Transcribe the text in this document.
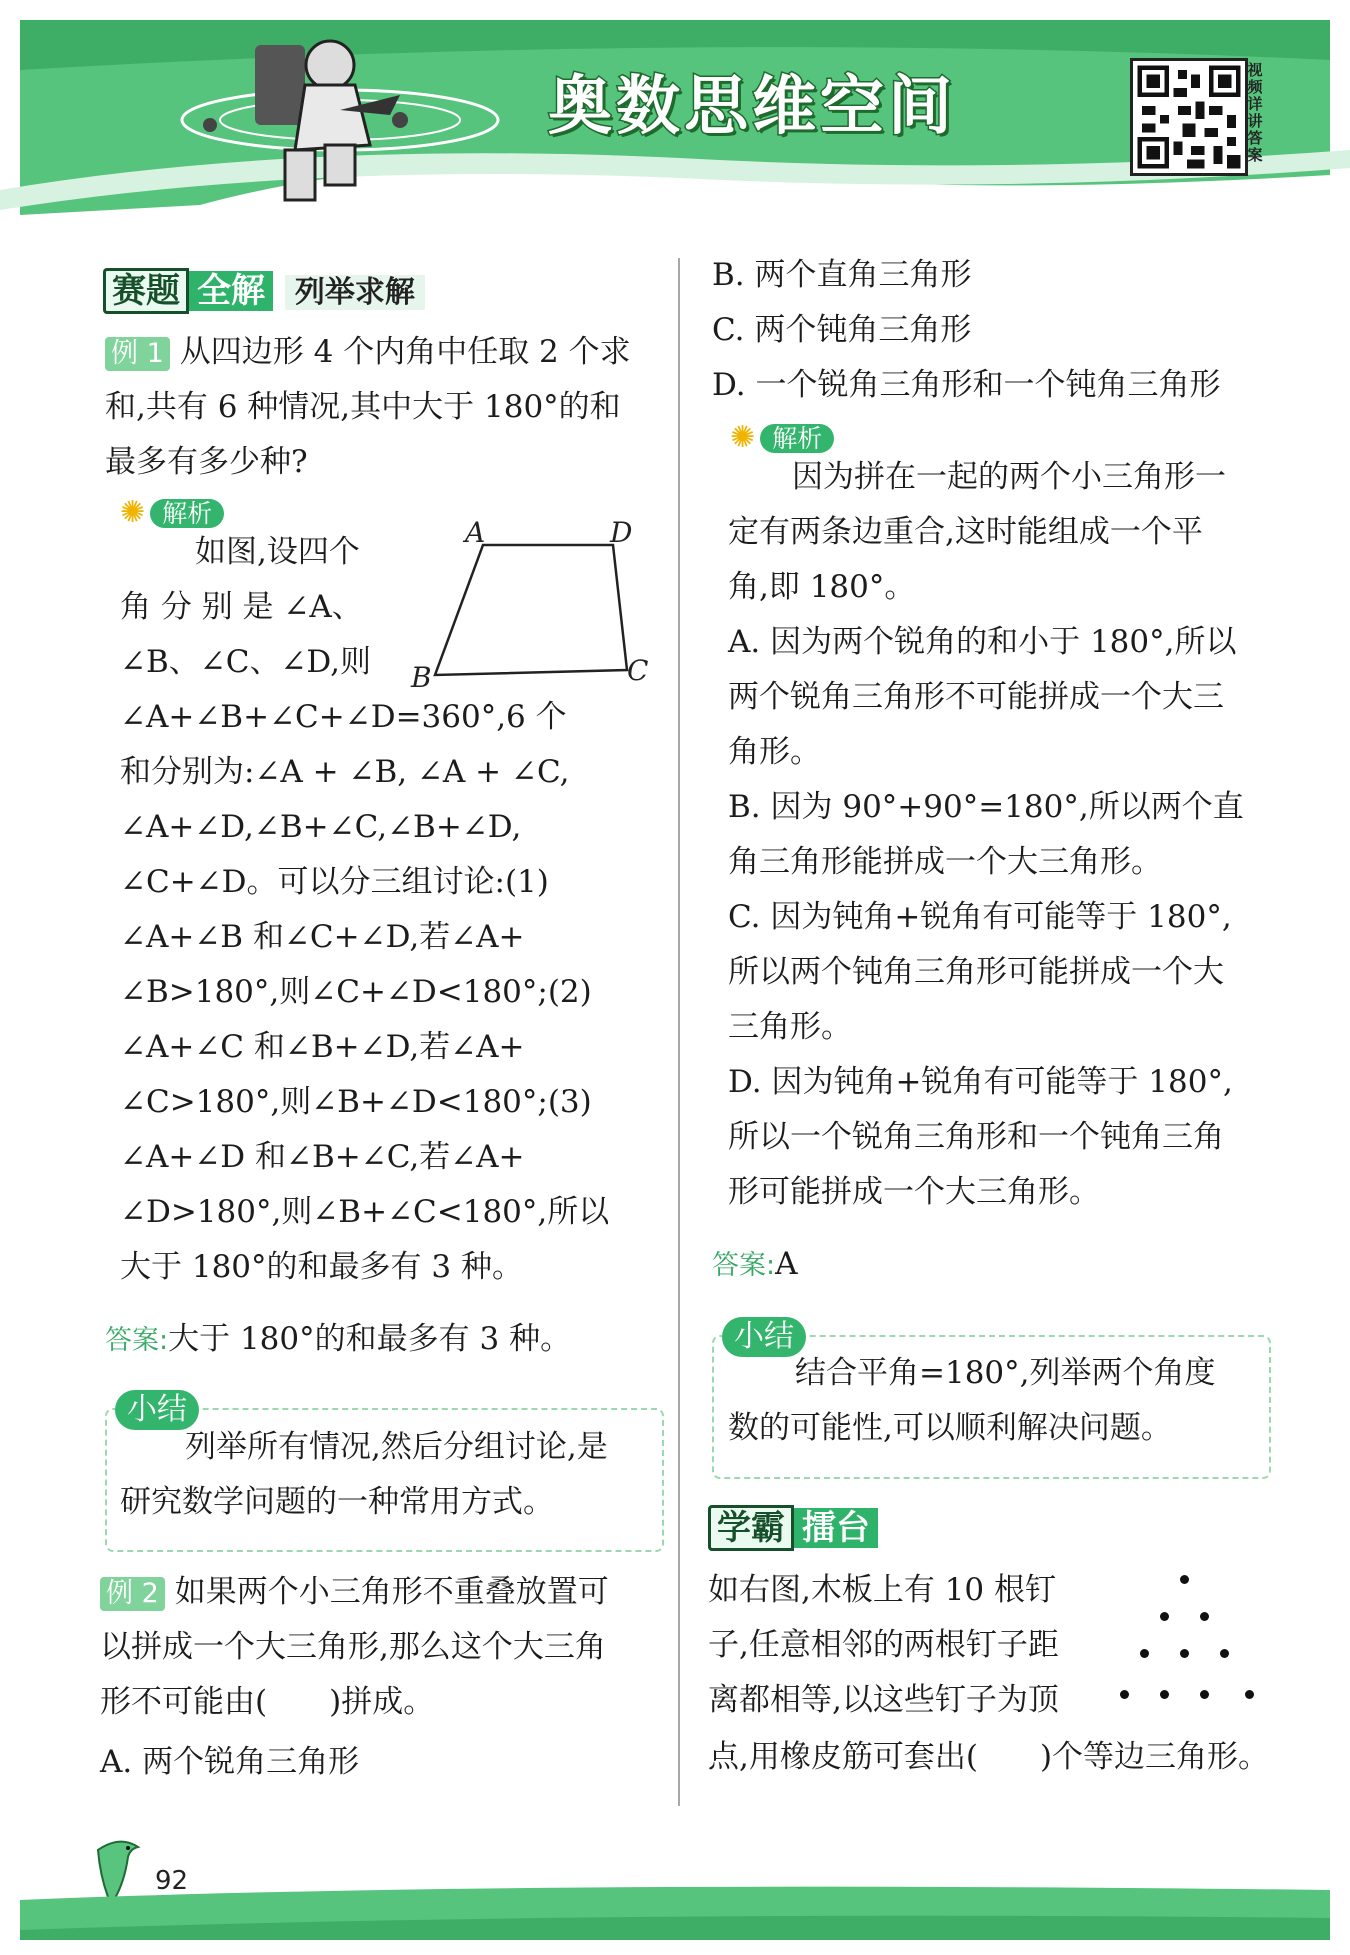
奥数思维空间	视频详讲答案
赛题 全解 列举求解
例 1 从四边形 4 个内角中任取 2 个求
和,共有 6 种情况,其中大于 180°的和
最多有多少种?
✺ 解析
如图,设四个
角 分 别 是 ∠A、
∠B、∠C、∠D,则
∠A+∠B+∠C+∠D=360°,6 个
和分别为:∠A + ∠B, ∠A + ∠C,
∠A+∠D,∠B+∠C,∠B+∠D,
∠C+∠D。可以分三组讨论:(1)
∠A+∠B 和∠C+∠D,若∠A+
∠B>180°,则∠C+∠D<180°;(2)
∠A+∠C 和∠B+∠D,若∠A+
∠C>180°,则∠B+∠D<180°;(3)
∠A+∠D 和∠B+∠C,若∠A+
∠D>180°,则∠B+∠C<180°,所以
大于 180°的和最多有 3 种。
A	D
B	C
答案:大于 180°的和最多有 3 种。
小结
列举所有情况,然后分组讨论,是
研究数学问题的一种常用方式。
例 2 如果两个小三角形不重叠放置可
以拼成一个大三角形,那么这个大三角
形不可能由(　　)拼成。
A. 两个锐角三角形
B. 两个直角三角形
C. 两个钝角三角形
D. 一个锐角三角形和一个钝角三角形
✺ 解析
因为拼在一起的两个小三角形一
定有两条边重合,这时能组成一个平
角,即 180°。
A. 因为两个锐角的和小于 180°,所以
两个锐角三角形不可能拼成一个大三
角形。
B. 因为 90°+90°=180°,所以两个直
角三角形能拼成一个大三角形。
C. 因为钝角+锐角有可能等于 180°,
所以两个钝角三角形可能拼成一个大
三角形。
D. 因为钝角+锐角有可能等于 180°,
所以一个锐角三角形和一个钝角三角
形可能拼成一个大三角形。
答案:A
小结
结合平角=180°,列举两个角度
数的可能性,可以顺利解决问题。
学霸 擂台
如右图,木板上有 10 根钉
子,任意相邻的两根钉子距
离都相等,以这些钉子为顶
点,用橡皮筋可套出(　　)个等边三角形。
92
